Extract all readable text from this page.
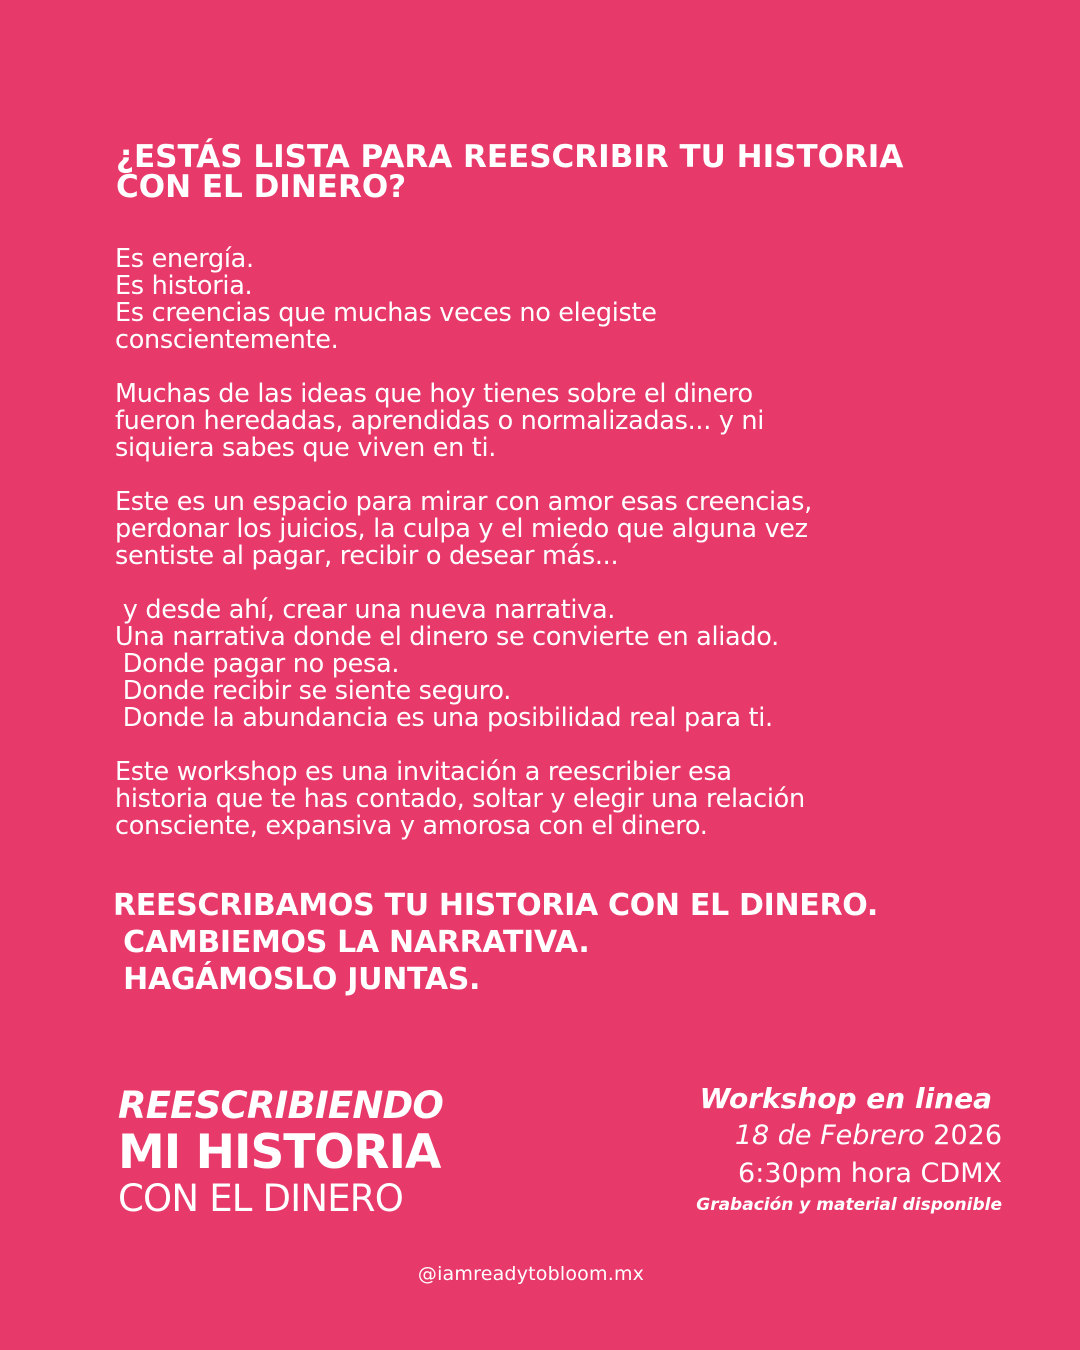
¿ESTÁS LISTA PARA REESCRIBIR TU HISTORIA
CON EL DINERO?

Es energía.
Es historia.
Es creencias que muchas veces no elegiste
conscientemente.

Muchas de las ideas que hoy tienes sobre el dinero
fueron heredadas, aprendidas o normalizadas... y ni
siquiera sabes que viven en ti.

Este es un espacio para mirar con amor esas creencias,
perdonar los juicios, la culpa y el miedo que alguna vez
sentiste al pagar, recibir o desear más...

y desde ahí, crear una nueva narrativa.
Una narrativa donde el dinero se convierte en aliado.
Donde pagar no pesa.
Donde recibir se siente seguro.
Donde la abundancia es una posibilidad real para ti.

Este workshop es una invitación a reescribier esa
historia que te has contado, soltar y elegir una relación
consciente, expansiva y amorosa con el dinero.

REESCRIBAMOS TU HISTORIA CON EL DINERO.
CAMBIEMOS LA NARRATIVA.
HAGÁMOSLO JUNTAS.
REESCRIBIENDO
MI HISTORIA
CON EL DINERO
Workshop en linea
18 de Febrero 2026
6:30pm hora CDMX
Grabación y material disponible
@iamreadytobloom.mx
